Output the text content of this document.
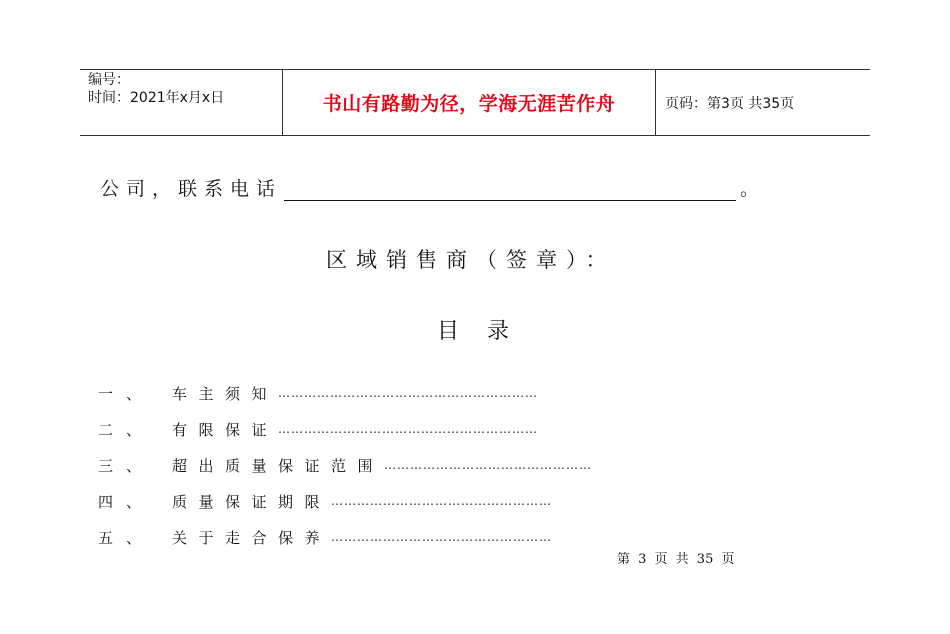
编号：
时间：2021年x月x日	书山有路勤为径，学海无涯苦作舟	页码：第3页 共35页
公司，联系电话	。
区域销售商（签章）：
目录
一、	车主须知 ……………………………………………………
二、	有限保证 ……………………………………………………
三、	超出质量保证范围 …………………………………………
四、	质量保证期限 ……………………………………………
五、	关于走合保养 ……………………………………………
第 3 页 共 35 页
